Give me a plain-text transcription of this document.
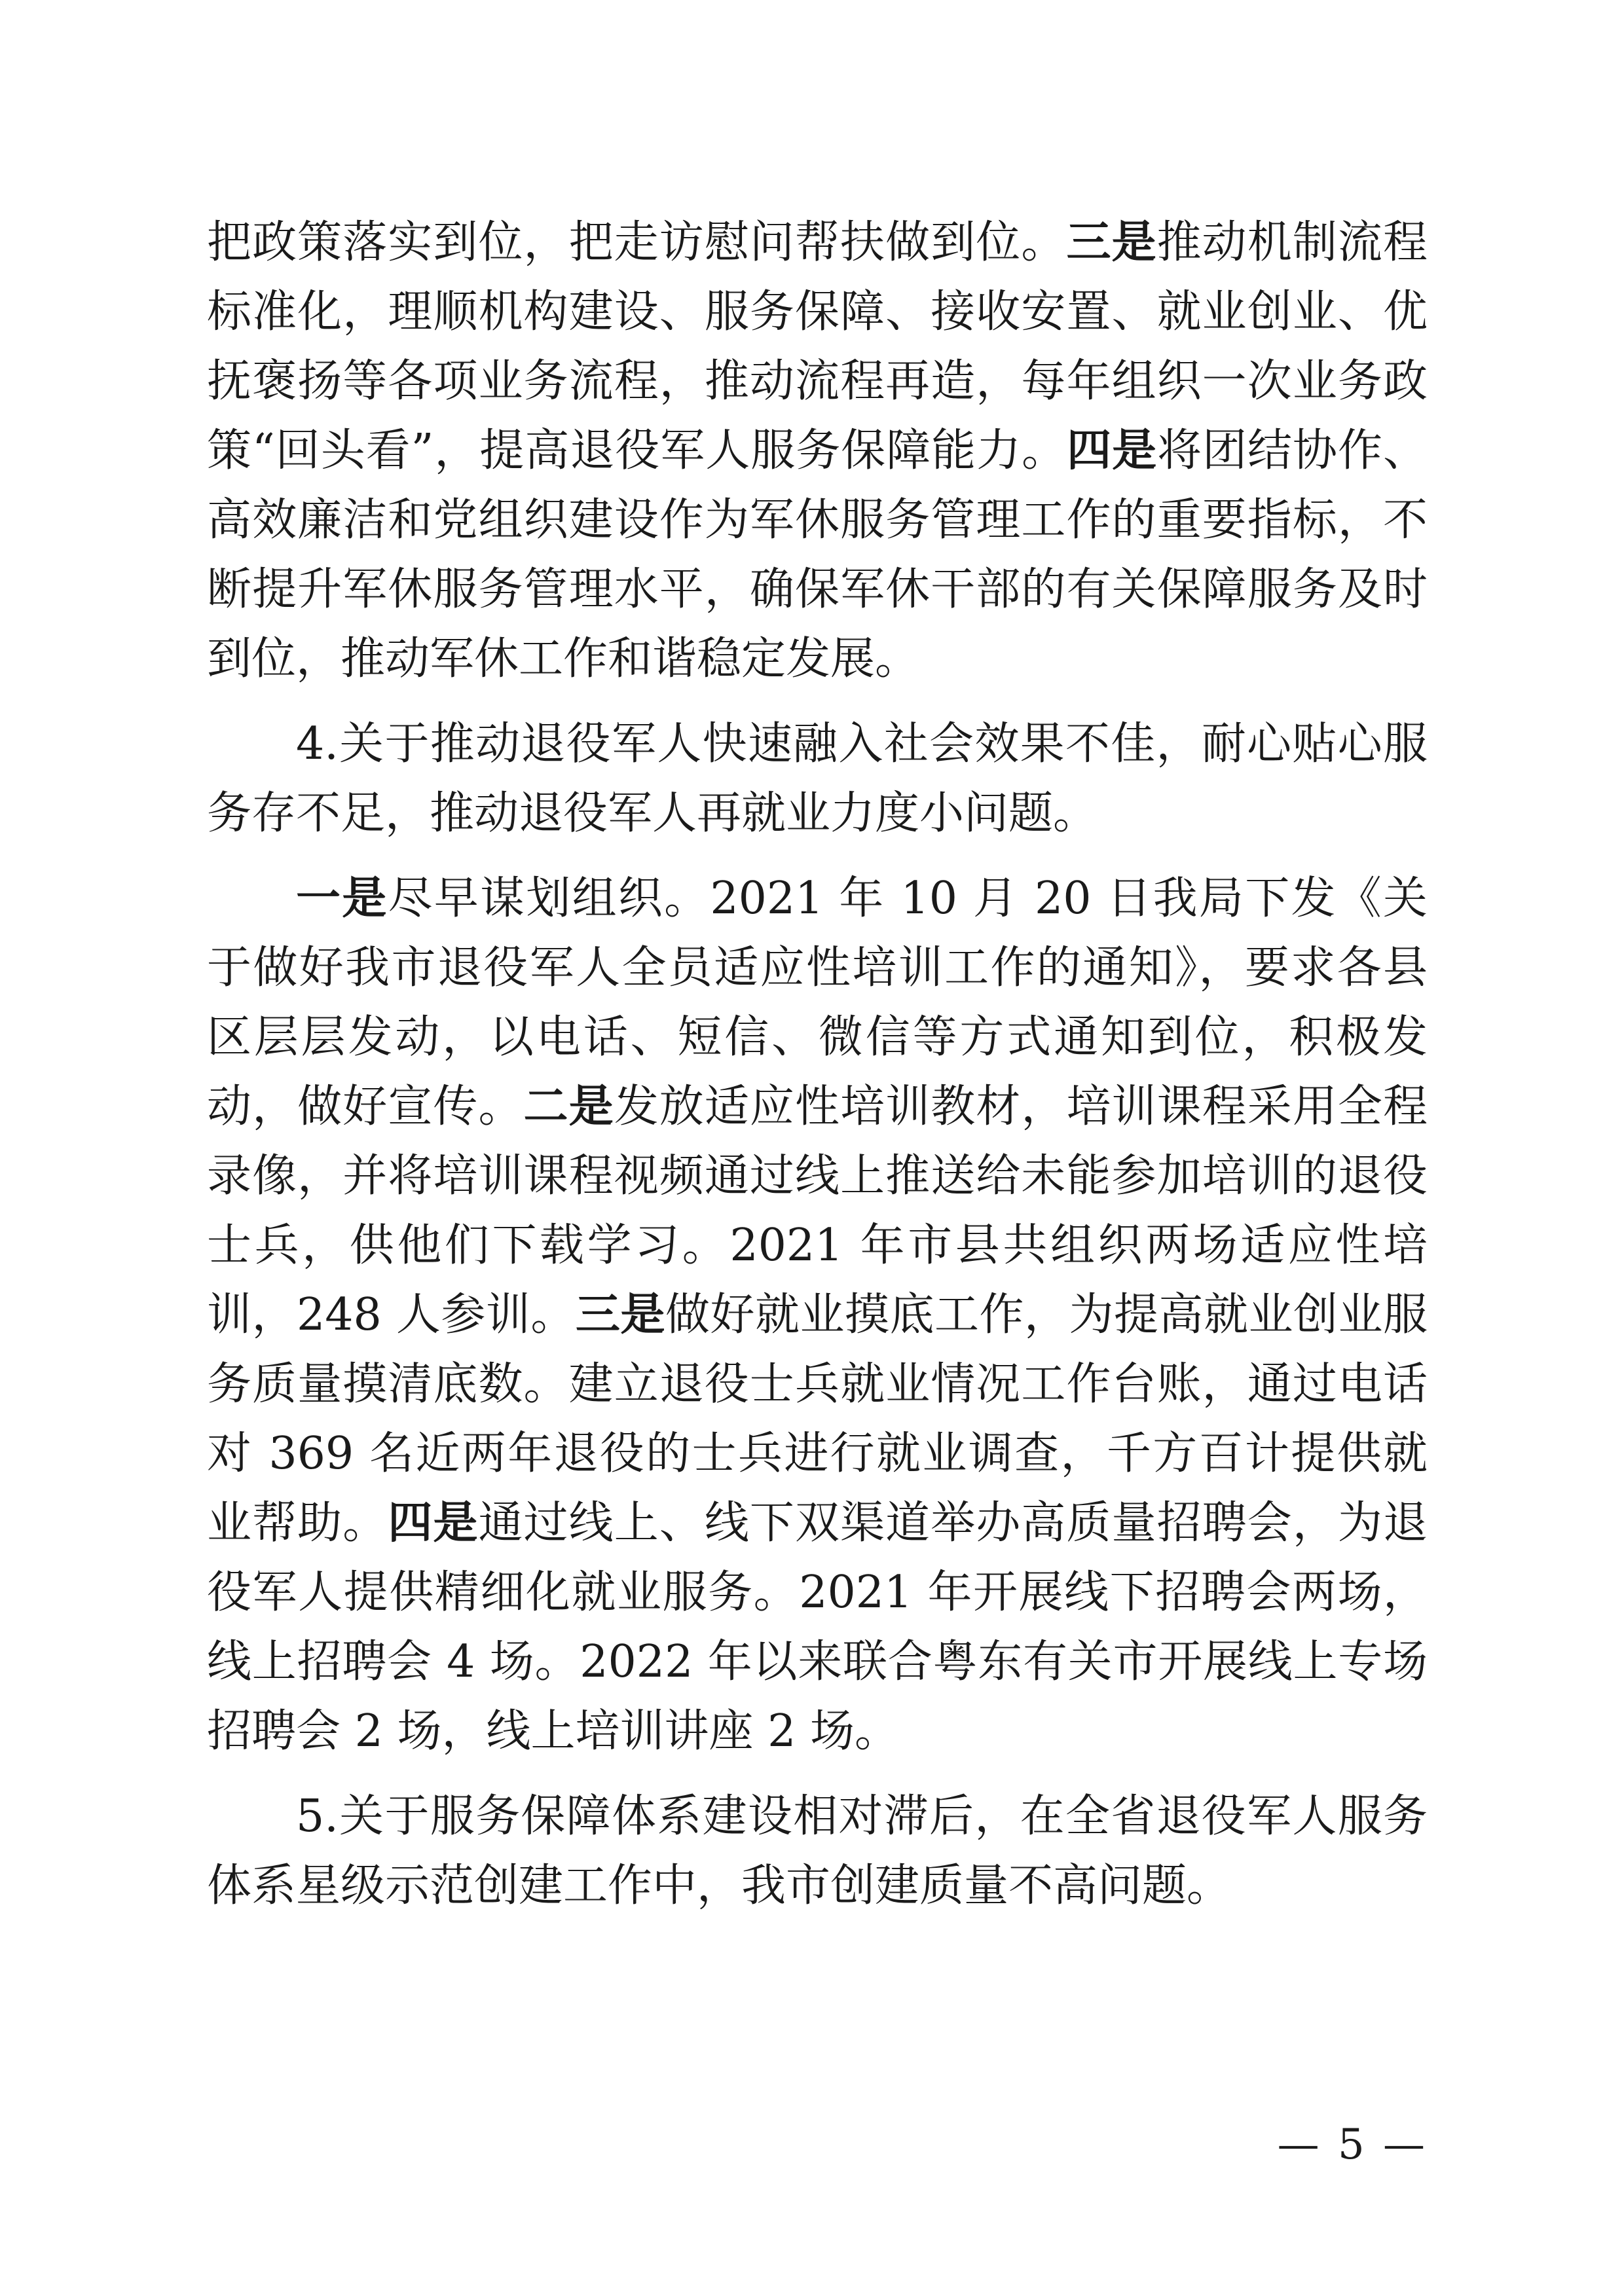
把政策落实到位，把走访慰问帮扶做到位。三是推动机制流程标准化，理顺机构建设、服务保障、接收安置、就业创业、优抚褒扬等各项业务流程，推动流程再造，每年组织一次业务政策“回头看”，提高退役军人服务保障能力。四是将团结协作、高效廉洁和党组织建设作为军休服务管理工作的重要指标，不断提升军休服务管理水平，确保军休干部的有关保障服务及时到位，推动军休工作和谐稳定发展。

4.关于推动退役军人快速融入社会效果不佳，耐心贴心服务存不足，推动退役军人再就业力度小问题。

一是尽早谋划组织。2021 年 10 月 20 日我局下发《关于做好我市退役军人全员适应性培训工作的通知》，要求各县区层层发动，以电话、短信、微信等方式通知到位，积极发动，做好宣传。二是发放适应性培训教材，培训课程采用全程录像，并将培训课程视频通过线上推送给未能参加培训的退役士兵，供他们下载学习。2021 年市县共组织两场适应性培训，248 人参训。三是做好就业摸底工作，为提高就业创业服务质量摸清底数。建立退役士兵就业情况工作台账，通过电话对 369 名近两年退役的士兵进行就业调查，千方百计提供就业帮助。四是通过线上、线下双渠道举办高质量招聘会，为退役军人提供精细化就业服务。2021 年开展线下招聘会两场，线上招聘会 4 场。2022 年以来联合粤东有关市开展线上专场招聘会 2 场，线上培训讲座 2 场。

5.关于服务保障体系建设相对滞后，在全省退役军人服务体系星级示范创建工作中，我市创建质量不高问题。

— 5 —
